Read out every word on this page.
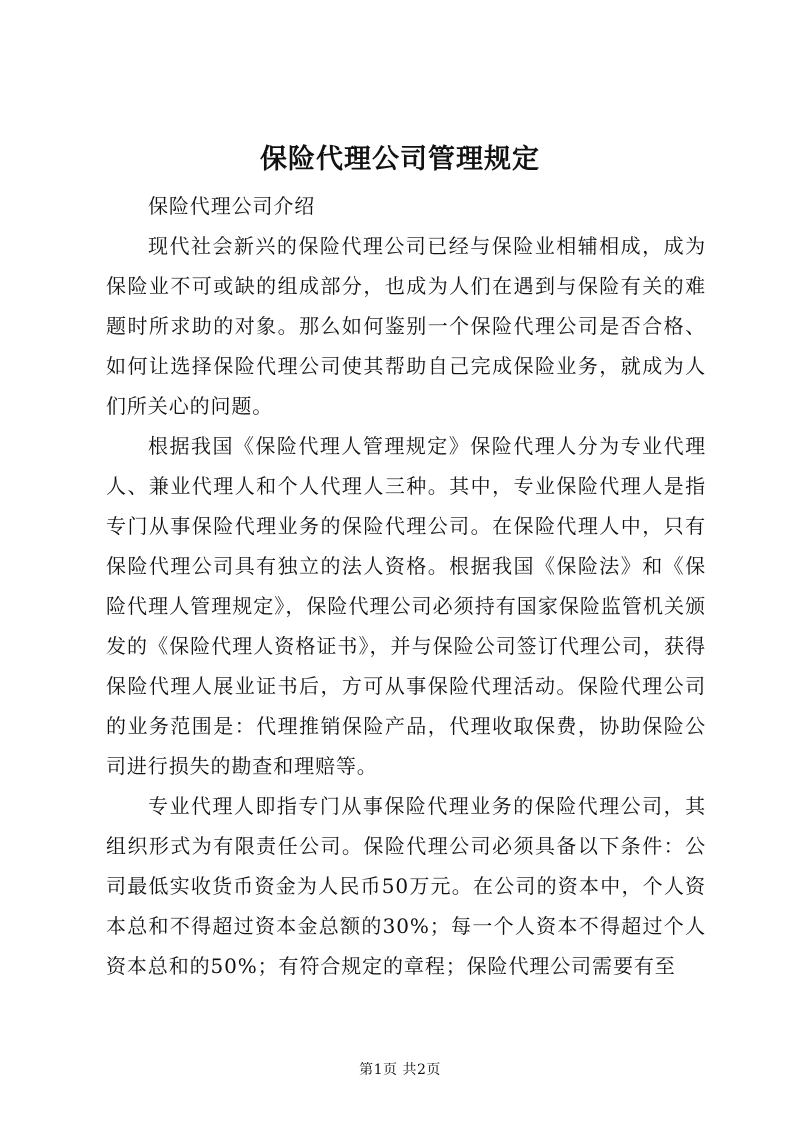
保险代理公司管理规定

保险代理公司介绍

现代社会新兴的保险代理公司已经与保险业相辅相成，成为保险业不可或缺的组成部分，也成为人们在遇到与保险有关的难题时所求助的对象。那么如何鉴别一个保险代理公司是否合格、如何让选择保险代理公司使其帮助自己完成保险业务，就成为人们所关心的问题。

根据我国《保险代理人管理规定》保险代理人分为专业代理人、兼业代理人和个人代理人三种。其中，专业保险代理人是指专门从事保险代理业务的保险代理公司。在保险代理人中，只有保险代理公司具有独立的法人资格。根据我国《保险法》和《保险代理人管理规定》，保险代理公司必须持有国家保险监管机关颁发的《保险代理人资格证书》，并与保险公司签订代理公司，获得保险代理人展业证书后，方可从事保险代理活动。保险代理公司的业务范围是：代理推销保险产品，代理收取保费，协助保险公司进行损失的勘查和理赔等。

专业代理人即指专门从事保险代理业务的保险代理公司，其组织形式为有限责任公司。保险代理公司必须具备以下条件：公司最低实收货币资金为人民币50万元。在公司的资本中，个人资本总和不得超过资本金总额的30%；每一个人资本不得超过个人资本总和的50%；有符合规定的章程；保险代理公司需要有至

第1页 共2页
